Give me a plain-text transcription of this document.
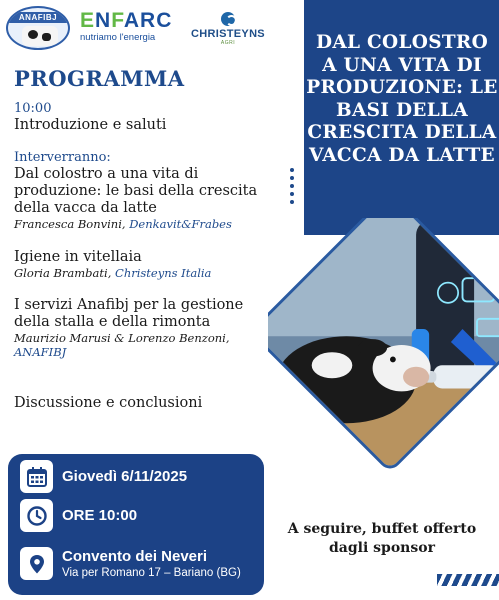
ANAFIBJ	ENFARC
nutriamo l'energia	CHRISTEYNS
AGRI
PROGRAMMA
10:00
Introduzione e saluti
Interverranno:
Dal colostro a una vita di produzione: le basi della crescita della vacca da latte
Francesca Bonvini, Denkavit&Frabes
Igiene in vitellaia
Gloria Brambati, Christeyns Italia
I servizi Anafibj per la gestione della stalla e della rimonta
Maurizio Marusi & Lorenzo Benzoni,
ANAFIBJ
Discussione e conclusioni
Giovedì 6/11/2025
ORE 10:00
Convento dei Neveri
Via per Romano 17 – Bariano (BG)
DAL COLOSTRO A UNA VITA DI PRODUZIONE: LE BASI DELLA CRESCITA DELLA VACCA DA LATTE
A seguire, buffet offerto dagli sponsor
